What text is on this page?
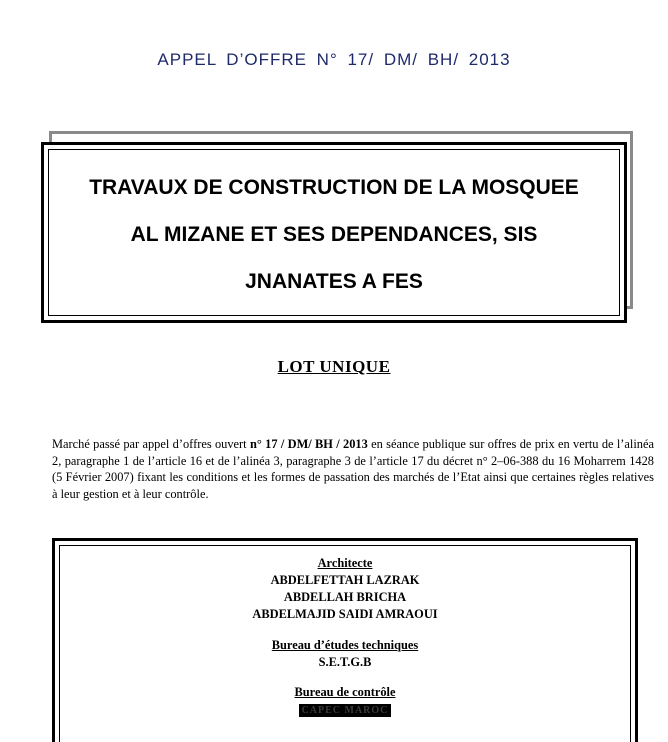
APPEL D’OFFRE N° 17/ DM/ BH/ 2013
TRAVAUX DE CONSTRUCTION DE LA MOSQUEE
AL MIZANE ET SES DEPENDANCES, SIS
JNANATES A FES
LOT UNIQUE
Marché passé par appel d’offres ouvert n° 17 / DM/ BH / 2013 en séance publique sur offres de prix en vertu de l’alinéa 2, paragraphe 1 de l’article 16 et de l’alinéa 3, paragraphe 3 de l’article 17 du décret n° 2–06-388 du 16 Moharrem 1428 (5 Février 2007) fixant les conditions et les formes de passation des marchés de l’Etat ainsi que certaines règles relatives à leur gestion et à leur contrôle.
Architecte
ABDELFETTAH LAZRAK
ABDELLAH BRICHA
ABDELMAJID SAIDI AMRAOUI
Bureau d’études techniques
S.E.T.G.B
Bureau de contrôle
CAPEC MAROC
